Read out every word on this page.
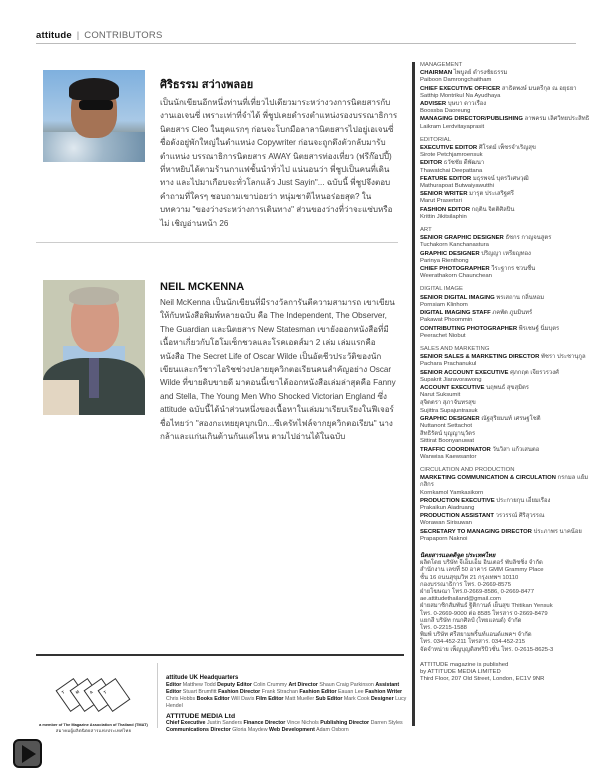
attitude | CONTRIBUTORS
ศิริธรรม สว่างพลอย
เป็นนักเขียนอีกหนึ่งท่านที่เที่ยวไปเดียวมาระหว่างวงการนิตยสารกับงานเอเจนซี่ เพราะเท่าที่จำได้ พี่ชูปเคยดำรงตำแหน่งรองบรรณาธิการนิตยสาร Cleo ในยุคแรกๆ ก่อนจะโบกมือลาลานิตยสารไปอยู่เอเจนซี่ชื่อดังอยู่พักใหญ่ในตำแหน่ง Copywriter ก่อนจะถูกดึงตัวกลับมารับตำแหน่ง บรรณาธิการนิตยสาร AWAY นิตยสารท่องเที่ยว (ฟรีก๊อปปี้) ที่หาหยิบได้ตามร้านกาแฟชั้นนำทั่วไป แน่นอนว่า พี่ชูปเป็นคนที่เดินทาง และไปมาเกือบจะทั่วโลกแล้ว Just Sayin"... ฉบับนี้ พี่ชูปจึงตอบคำถามที่ใครๆ ชอบถามเขาบ่อยว่า หนุ่มชาติไหนอร่อยสุด? ในบทความ "ของว่างระหว่างการเดินทาง" ส่วนของว่างที่ว่าจะแซ่บหรือไม่ เชิญอ่านหน้า 26
NEIL MCKENNA
Neil McKenna เป็นนักเขียนที่มีรางวัลการันตีความสามารถ เขาเขียนให้กับหนังสือพิมพ์หลายฉบับ คือ The Independent, The Observer, The Guardian และนิตยสาร New Statesman เขายังออกหนังสือที่มีเนื้อหาเกี่ยวกับโฮโมเซ็กชวลและโรคเอดส์มา 2 เล่ม เล่มแรกคือหนังสือ The Secret Life of Oscar Wilde เป็นอัตชีวประวัติของนักเขียนและกวีชาวไอริชช่วงปลายยุควิกตอเรียนคนสำคัญอย่าง Oscar Wilde ที่ขายดิบขายดี มาตอนนี้เขาได้ออกหนังสือเล่มล่าสุดคือ Fanny and Stella, The Young Men Who Shocked Victorian England ซึ่ง attitude ฉบับนี้ได้นำส่วนหนึ่งของเนื้อหาในเล่มมาเรียบเรียงในฟีเจอร์ชื่อไทยว่า "สองกะเทยยุคบุกเบิก...ซีเครัทไฟล์จากยุควิกตอเรียน" นางกล้าและแก่นเกินต้านกันแค่ไหน ตามไปอ่านได้ในฉบับ
MANAGEMENT
CHAIRMAN ไพบูลย์ ดำรงชัยธรรม
Paiboon Damrongchaitham
CHIEF EXECUTIVE OFFICER สาธิตพงษ์ มนตรีกุล ณ อยุธยา
Satthip Montrikul Na Ayudhaya
ADVISER บุษบา ดาวเรือง
Boossba Daoreung
MANAGING DIRECTOR/PUBLISHING ลาพครม เลิศวิทยประสิทธิ
Laikram Lerdvitayaprasit
EDITORIAL
EXECUTIVE EDITOR ศิโรตม์ เพ็ชรจำเริญสุข
Sirote Petchjamroensuk
EDITOR ธวัชชัย ดีพัฒนา
Thawatchai Deepattana
FEATURE EDITOR มธุรพจน์ บุตรวิเศษวุฒิ
Mathurapoat Butwaiyawutthi
SENIOR WRITER มารุต ประเสริฐศรี
Marut Prasertsri
FASHION EDITOR กฤติน จิตติศิลปิน
Krittin Jikitsilaphin
ART
SENIOR GRAPHIC DESIGNER ธัชกร กาญจนสูตร
Tuchakorn Kanchanastura
GRAPHIC DESIGNER ปริญญา เหรียญทอง
Parinya Rienthong
CHIEF PHOTOGRAPHER วีระฐากร ชวนชื่น
Weerathakorn Chaunchean
DIGITAL IMAGE
SENIOR DIGITAL IMAGING พรเสถาน กลิ่นหอม
Pornsiam Klinhom
DIGITAL IMAGING STAFF ภคพัต ภูมมินทร์
Pakawat Phoommin
CONTRIBUTING PHOTOGRAPHER พีรเชษฐ์ นิ่มบุตร
Peerachet Niobut
SALES AND MARKETING
SENIOR SALES & MARKETING DIRECTOR พัชรา ประชานุกูล
Pachara Prachanukul
SENIOR ACCOUNT EXECUTIVE ศุภกฤต เจียรวรวงศ์
Supakrit Jiaravorawong
ACCOUNT EXECUTIVE นฤพนธ์ สุขสุมิตร
Narut Suksumit
สุจิตตรา สุภาจันทรสุข
Sujittra Supajuntrasuk
GRAPHIC DESIGNER ณัฐสุริยมนท์ เศรษฐโชติ
Nuttanont Settachot
สิทธิรัตน์ บุญญานุวัตร
Sittirat Boonyanuwat
TRAFFIC COORDINATOR วันวิสา แก้วเสนตอ
Wanwisa Kaewsantor
CIRCULATION AND PRODUCTION
MARKETING COMMUNICATION & CIRCULATION กรกมล แย้มกสิกร
Kornkamol Yamkasikorn
PRODUCTION EXECUTIVE ประกายกุน เอี่ยมเรือง
Prakaikun Aiadruang
PRODUCTION ASSISTANT วรวรรณ์ ศิริสุวรรณ
Worawan Sirisuwan
SECRETARY TO MANAGING DIRECTOR ประภาพร นาคน้อย
Prapaporn Naknoi
นิตยสารแอตติจูด ประเทศไทย
ผลิตโดย บริษัท จีเอ็มเอ็ม อินเตอร์ พับลิชชิ่ง จำกัด
สำนักงาน เลขที่ 50 อาคาร GMM Grammy Place
ชั้น 16 ถนนสุขุมวิท 21 กรุงเทพฯ 10110
กองบรรณาธิการ โทร. 0-2669-8575
ฝ่ายโฆษณา โทร.0-2669-8586, 0-2669-8477
ae.attitudethailand@gmail.com
ฝ่ายสมาชิกสัมพันธ์ ฐิติกานต์ เย็นสุข Thitikan Yensuk
โทร. 0-2669-9000 ต่อ 8585 โทรสาร 0-2669-8479
แยกสี บริษัท กนกศิลป์ (ไทยแลนด์) จำกัด
โทร. 0-2215-1588
พิมพ์ บริษัท ศรีสยามพริ้นท์แอนด์แพคฯ จำกัด
โทร. 034-452-211 โทรสาร. 034-452-215
จัดจำหน่าย เพ็ญบุญดิสทริบิวชั่น โทร. 0-2615-8625-3
ATTITUDE magazine is published
by ATTITUDE MEDIA LIMITED
Third Floor, 207 Old Street, London, EC1V 9NR
T M A T
a member of The Magazine Association of Thailand (TMAT)
สมาคมผู้ผลิตนิตยสารแห่งประเทศไทย
attitude UK Headquarters
Editor Matthew Todd Deputy Editor Colin Crummy Art Director Shaun Craig Parkinson Assistant Editor Stuart Brumfitt Fashion Director Frank Strachan Fashion Editor Eauan Lee Fashion Writer Chris Hobbs Books Editor Will Davis Film Editor Matt Mueller Sub Editor Mark Cook Designer Lucy Hendel
ATTITUDE MEDIA Ltd
Chief Executive Justin Sanders Finance Director Vince Nichols Publishing Director Darren Styles Communications Director Gloria Maydew Web Development Adam Osborn
